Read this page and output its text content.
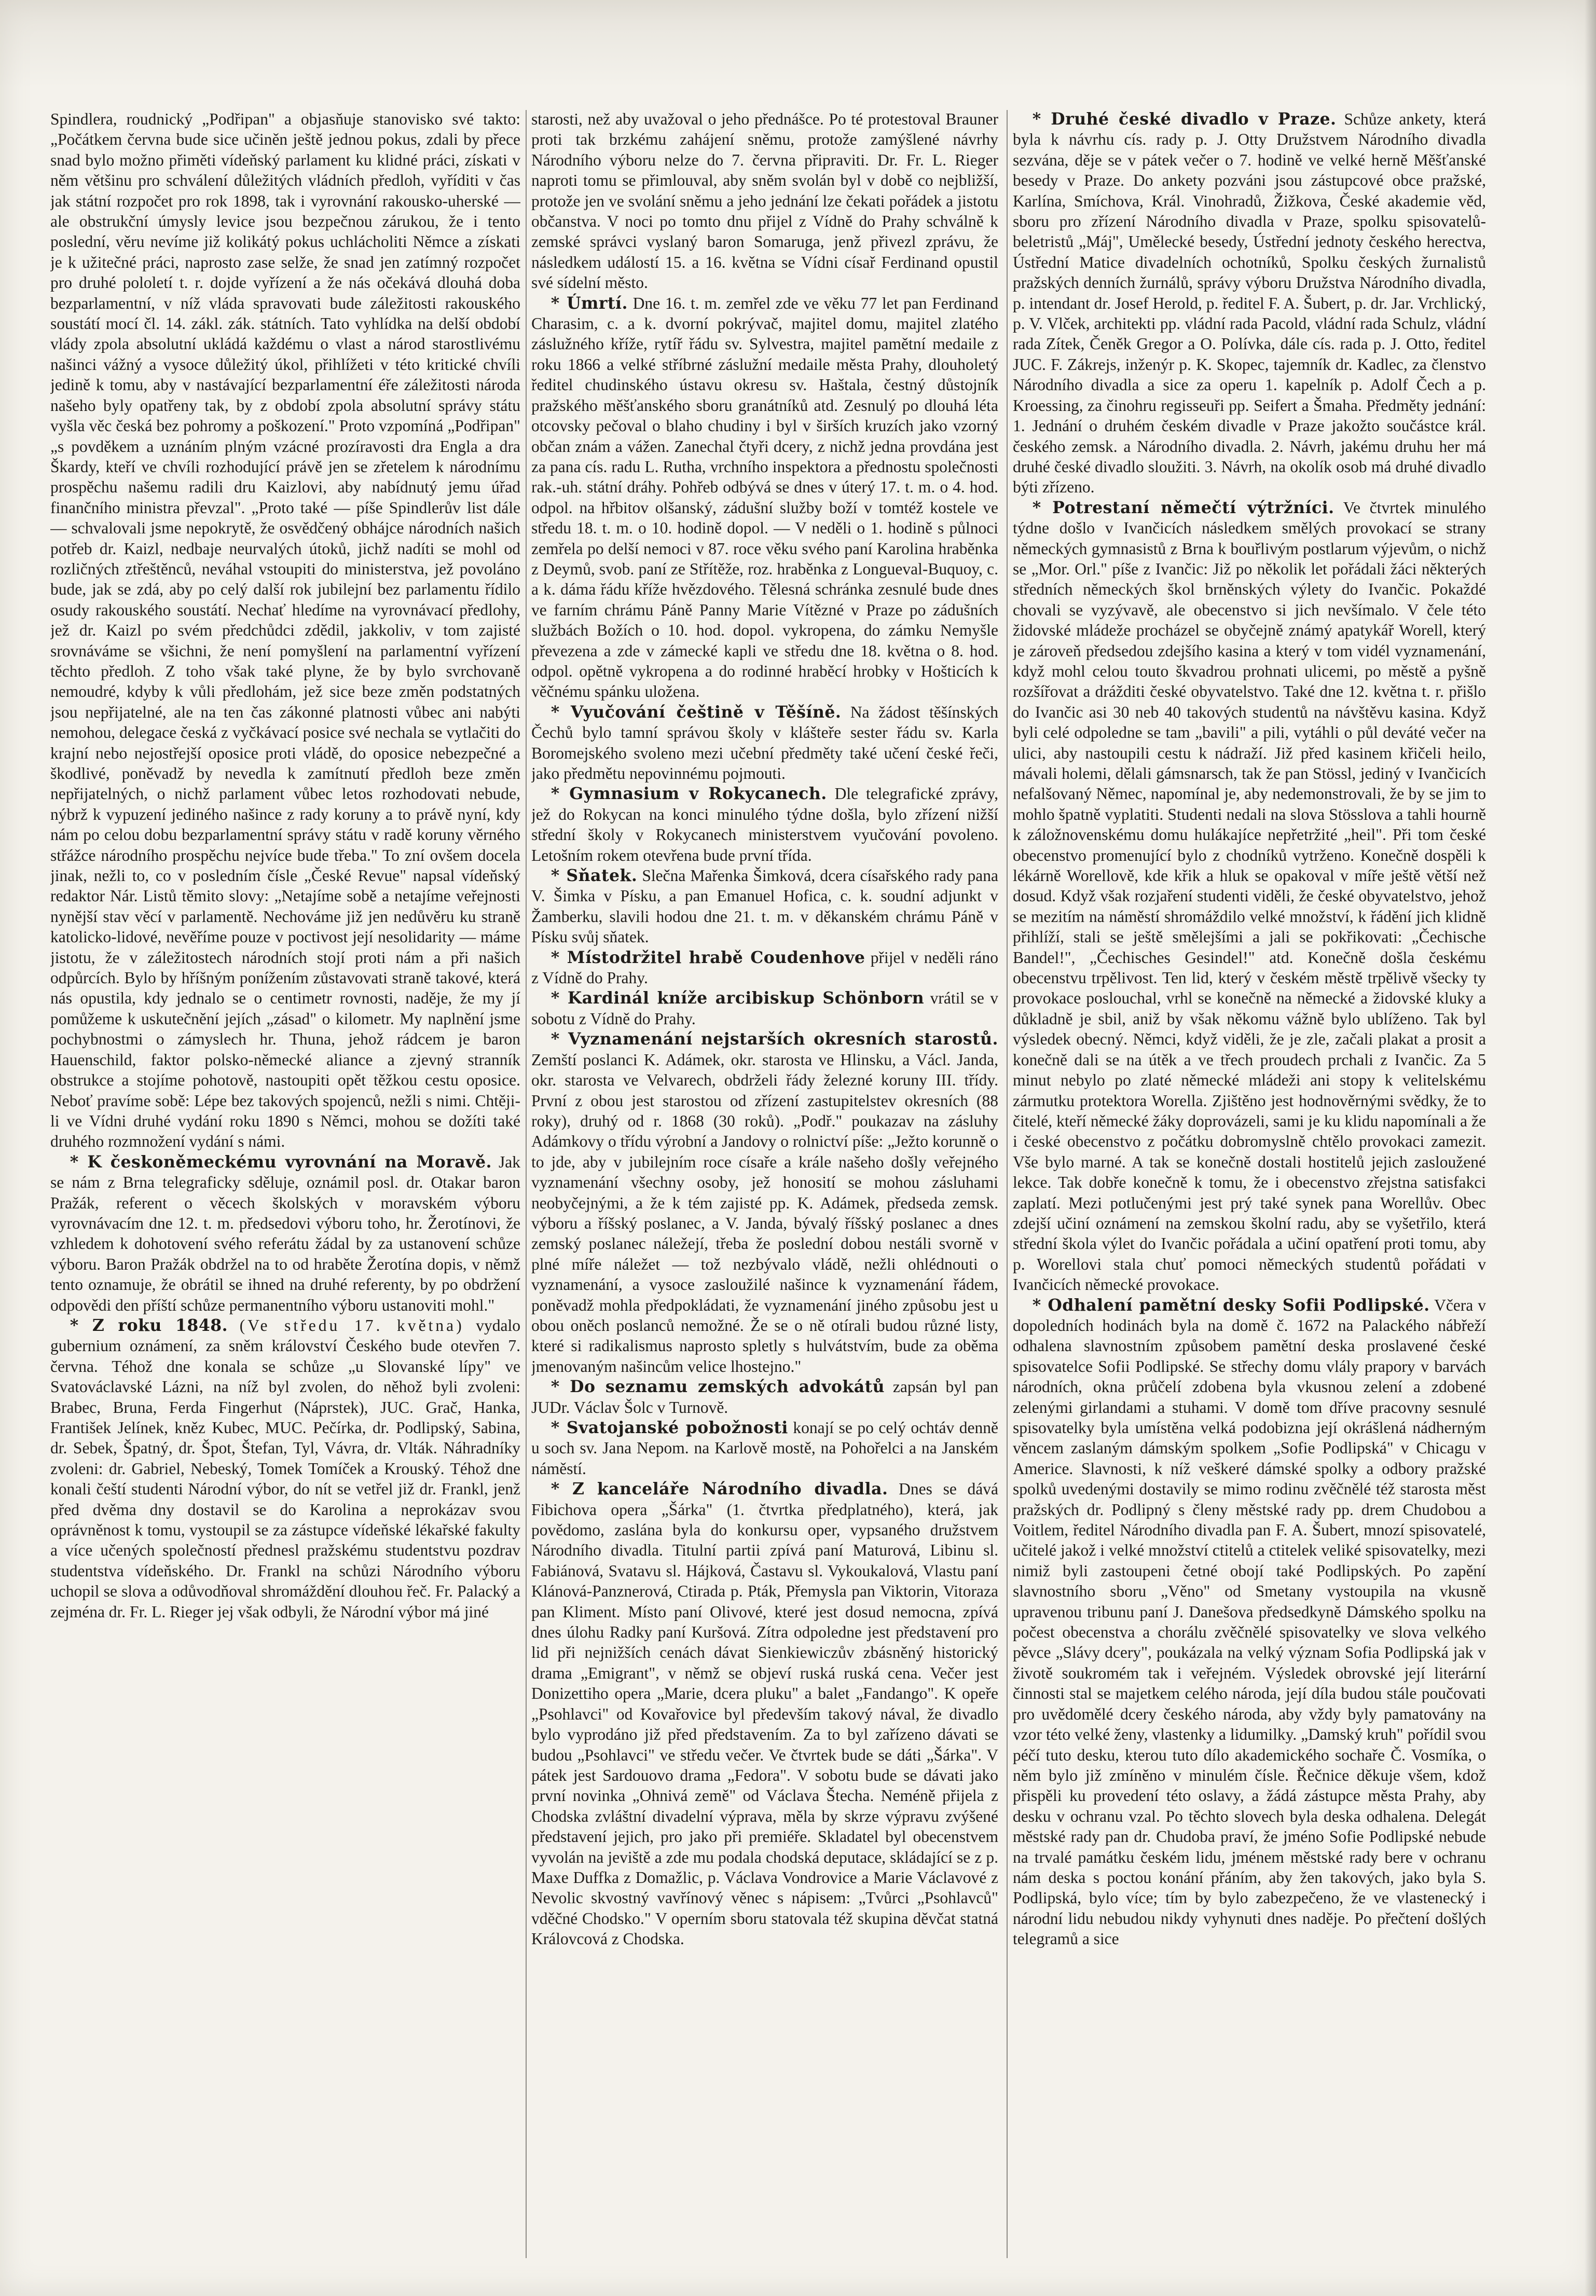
Spindlera, roudnický „Podřipan" a objasňuje stanovisko své takto: „Počátkem června bude sice učiněn ještě jednou pokus, zdali by přece snad bylo možno přiměti vídeňský parlament ku klidné práci, získati v něm většinu pro schválení důležitých vládních předloh, vyříditi v čas jak státní rozpočet pro rok 1898, tak i vyrovnání rakousko-uherské — ale obstrukční úmysly levice jsou bezpečnou zárukou, že i tento poslední, věru nevíme již kolikátý pokus uchlácholiti Němce a získati je k užitečné práci, naprosto zase selže, že snad jen zatímný rozpočet pro druhé pololetí t. r. dojde vyřízení a že nás očekává dlouhá doba bezparlamentní, v níž vláda spravovati bude záležitosti rakouského soustátí mocí čl. 14. zákl. zák. státních. Tato vyhlídka na delší období vlády zpola absolutní ukládá každému o vlast a národ starostlivému našinci vážný a vysoce důležitý úkol, přihlížeti v této kritické chvíli jedině k tomu, aby v nastávající bezparlamentní éře záležitosti národa našeho byly opatřeny tak, by z období zpola absolutní správy státu vyšla věc česká bez pohromy a poškození." Proto vzpomíná „Podřipan" „s povděkem a uznáním plným vzácné prozíravosti dra Engla a dra Škardy, kteří ve chvíli rozhodující právě jen se zřetelem k národnímu prospěchu našemu radili dru Kaizlovi, aby nabídnutý jemu úřad finančního ministra převzal". „Proto také — píše Spindlerův list dále — schvalovali jsme nepokrytě, že osvědčený obhájce národních našich potřeb dr. Kaizl, nedbaje neurvalých útoků, jichž nadíti se mohl od rozličných ztřeštěnců, neváhal vstoupiti do ministerstva, jež povoláno bude, jak se zdá, aby po celý další rok jubilejní bez parlamentu řídilo osudy rakouského soustátí. Nechať hledíme na vyrovnávací předlohy, jež dr. Kaizl po svém předchůdci zdědil, jakkoliv, v tom zajisté srovnáváme se všichni, že není pomyšlení na parlamentní vyřízení těchto předloh. Z toho však také plyne, že by bylo svrchovaně nemoudré, kdyby k vůli předlohám, jež sice beze změn podstatných jsou nepřijatelné, ale na ten čas zákonné platnosti vůbec ani nabýti nemohou, delegace česká z vyčkávací posice své nechala se vytlačiti do krajní nebo nejostřejší oposice proti vládě, do oposice nebezpečné a škodlivé, poněvadž by nevedla k zamítnutí předloh beze změn nepřijatelných, o nichž parlament vůbec letos rozhodovati nebude, nýbrž k vypuzení jediného našince z rady koruny a to právě nyní, kdy nám po celou dobu bezparlamentní správy státu v radě koruny věrného střážce národního prospěchu nejvíce bude třeba." To zní ovšem docela jinak, nežli to, co v posledním čísle „České Revue" napsal vídeňský redaktor Nár. Listů těmito slovy: „Netajíme sobě a netajíme veřejnosti nynější stav věcí v parlamentě. Nechováme již jen nedůvěru ku straně katolicko-lidové, nevěříme pouze v poctivost její nesolidarity — máme jistotu, že v záležitostech národních stojí proti nám a při našich odpůrcích. Bylo by hříšným ponížením zůstavovati straně takové, která nás opustila, kdy jednalo se o centimetr rovnosti, naděje, že my jí pomůžeme k uskutečnění jejích „zásad" o kilometr. My naplnění jsme pochybnostmi o zámyslech hr. Thuna, jehož rádcem je baron Hauenschild, faktor polsko-německé aliance a zjevný stranník obstrukce a stojíme pohotově, nastoupiti opět těžkou cestu oposice. Neboť pravíme sobě: Lépe bez takových spojenců, nežli s nimi. Chtěji-li ve Vídni druhé vydání roku 1890 s Němci, mohou se dožíti také druhého rozmnožení vydání s námi.

* K českoněmeckému vyrovnání na Moravě. Jak se nám z Brna telegraficky sděluje, oznámil posl. dr. Otakar baron Pražák, referent o věcech školských v moravském výboru vyrovnávacím dne 12. t. m. předsedovi výboru toho, hr. Žerotínovi, že vzhledem k dohotovení svého referátu žádal by za ustanovení schůze výboru. Baron Pražák obdržel na to od hraběte Žerotína dopis, v němž tento oznamuje, že obrátil se ihned na druhé referenty, by po obdržení odpovědi den příští schůze permanentního výboru ustanoviti mohl."

* Z roku 1848. (Ve středu 17. května) vydalo gubernium oznámení, za sněm království Českého bude otevřen 7. června. Téhož dne konala se schůze „u Slovanské lípy" ve Svatováclavské Lázni, na níž byl zvolen, do něhož byli zvoleni: Brabec, Bruna, Ferda Fingerhut (Náprstek), JUC. Grač, Hanka, František Jelínek, kněz Kubec, MUC. Pečírka, dr. Podlipský, Sabina, dr. Sebek, Špatný, dr. Špot, Štefan, Tyl, Vávra, dr. Vlták. Náhradníky zvoleni: dr. Gabriel, Nebeský, Tomek Tomíček a Krouský. Téhož dne konali čeští studenti Národní výbor, do nít se vetřel již dr. Frankl, jenž před dvěma dny dostavil se do Karolina a neprokázav svou oprávněnost k tomu, vystoupil se za zástupce vídeňské lékařské fakulty a více učených společností přednesl pražskému studentstvu pozdrav studentstva vídeňského. Dr. Frankl na schůzi Národního výboru uchopil se slova a odůvodňoval shromáždění dlouhou řeč. Fr. Palacký a zejména dr. Fr. L. Rieger jej však odbyli, že Národní výbor má jiné

starosti, než aby uvažoval o jeho přednášce. Po té protestoval Brauner proti tak brzkému zahájení sněmu, protože zamýšlené návrhy Národního výboru nelze do 7. června připraviti. Dr. Fr. L. Rieger naproti tomu se přimlouval, aby sněm svolán byl v době co nejbližší, protože jen ve svolání sněmu a jeho jednání lze čekati pořádek a jistotu občanstva. V noci po tomto dnu přijel z Vídně do Prahy schválně k zemské správci vyslaný baron Somaruga, jenž přivezl zprávu, že následkem událostí 15. a 16. května se Vídni císař Ferdinand opustil své sídelní město.

* Úmrtí. Dne 16. t. m. zemřel zde ve věku 77 let pan Ferdinand Charasim, c. a k. dvorní pokrývač, majitel domu, majitel zlatého záslužného kříže, rytíř řádu sv. Sylvestra, majitel pamětní medaile z roku 1866 a velké stříbrné záslužní medaile města Prahy, dlouholetý ředitel chudinského ústavu okresu sv. Haštala, čestný důstojník pražského měšťanského sboru granátníků atd. Zesnulý po dlouhá léta otcovsky pečoval o blaho chudiny i byl v širších kruzích jako vzorný občan znám a vážen. Zanechal čtyři dcery, z nichž jedna provdána jest za pana cís. radu L. Rutha, vrchního inspektora a přednostu společnosti rak.-uh. státní dráhy. Pohřeb odbývá se dnes v úterý 17. t. m. o 4. hod. odpol. na hřbitov olšanský, zádušní služby boží v tomtéž kostele ve středu 18. t. m. o 10. hodině dopol. — V neděli o 1. hodině s půlnoci zemřela po delší nemoci v 87. roce věku svého paní Karolina hraběnka z Deymů, svob. paní ze Střítěže, roz. hraběnka z Longueval-Buquoy, c. a k. dáma řádu kříže hvězdového. Tělesná schránka zesnulé bude dnes ve farním chrámu Páně Panny Marie Vítězné v Praze po zádušních službách Božích o 10. hod. dopol. vykropena, do zámku Nemyšle převezena a zde v zámecké kapli ve středu dne 18. května o 8. hod. odpol. opětně vykropena a do rodinné hraběcí hrobky v Hošticích k věčnému spánku uložena.

* Vyučování češtině v Těšíně. Na žádost těšínských Čechů bylo tamní správou školy v klášteře sester řádu sv. Karla Boromejského svoleno mezi učební předměty také učení české řeči, jako předmětu nepovinnému pojmouti.

* Gymnasium v Rokycanech. Dle telegrafické zprávy, jež do Rokycan na konci minulého týdne došla, bylo zřízení nižší střední školy v Rokycanech ministerstvem vyučování povoleno. Letošním rokem otevřena bude první třída.

* Sňatek. Slečna Mařenka Šimková, dcera císařského rady pana V. Šimka v Písku, a pan Emanuel Hofica, c. k. soudní adjunkt v Žamberku, slavili hodou dne 21. t. m. v děkanském chrámu Páně v Písku svůj sňatek.

* Místodržitel hrabě Coudenhove přijel v neděli ráno z Vídně do Prahy.

* Kardinál kníže arcibiskup Schönborn vrátil se v sobotu z Vídně do Prahy.

* Vyznamenání nejstarších okresních starostů. Zemští poslanci K. Adámek, okr. starosta ve Hlinsku, a Václ. Janda, okr. starosta ve Velvarech, obdrželi řády železné koruny III. třídy. První z obou jest starostou od zřízení zastupitelstev okresních (88 roky), druhý od r. 1868 (30 roků). „Podř." poukazav na zásluhy Adámkovy o třídu výrobní a Jandovy o rolnictví píše: „Ježto korunně o to jde, aby v jubilejním roce císaře a krále našeho došly veřejného vyznamenání všechny osoby, jež honosití se mohou zásluhami neobyčejnými, a že k tém zajisté pp. K. Adámek, předseda zemsk. výboru a říšský poslanec, a V. Janda, bývalý říšský poslanec a dnes zemský poslanec náležejí, třeba že poslední dobou nestáli svorně v plné míře náležet — tož nezbývalo vládě, nežli ohlédnouti o vyznamenání, a vysoce zasloužilé našince k vyznamenání řádem, poněvadž mohla předpokládati, že vyznamenání jiného způsobu jest u obou oněch poslanců nemožné. Že se o ně otírali budou různé listy, které si radikalismus naprosto spletly s hulvátstvím, bude za oběma jmenovaným našincům velice lhostejno."

* Do seznamu zemských advokátů zapsán byl pan JUDr. Václav Šolc v Turnově.

* Svatojanské pobožnosti konají se po celý ochtáv denně u soch sv. Jana Nepom. na Karlově mostě, na Pohořelci a na Janském náměstí.

* Z kanceláře Národního divadla. Dnes se dává Fibichova opera „Šárka" (1. čtvrtka předplatného), která, jak povědomo, zaslána byla do konkursu oper, vypsaného družstvem Národního divadla. Titulní partii zpívá paní Maturová, Libinu sl. Fabiánová, Svatavu sl. Hájková, Častavu sl. Vykoukalová, Vlastu paní Klánová-Panznerová, Ctirada p. Pták, Přemysla pan Viktorin, Vitoraza pan Kliment. Místo paní Olivové, které jest dosud nemocna, zpívá dnes úlohu Radky paní Kuršová. Zítra odpoledne jest představení pro lid při nejnižších cenách dávat Sienkiewiczův zbásněný historický drama „Emigrant", v němž se objeví ruská ruská cena. Večer jest Donizettiho opera „Marie, dcera pluku" a balet „Fandango". K opeře „Psohlavci" od Kovařovice byl především takový nával, že divadlo bylo vyprodáno již před představením. Za to byl zařízeno dávati se budou „Psohlavci" ve středu večer. Ve čtvrtek bude se dáti „Šárka". V pátek jest Sardouovo drama „Fedora". V sobotu bude se dávati jako první novinka „Ohnivá země" od Václava Štecha. Neméně přijela z Chodska zvláštní divadelní výprava, měla by skrze výpravu zvýšené představení jejich, pro jako při premiéře. Skladatel byl obecenstvem vyvolán na jeviště a zde mu podala chodská deputace, skládající se z p. Maxe Duffka z Domažlic, p. Václava Vondrovice a Marie Václavové z Nevolic skvostný vavřínový věnec s nápisem: „Tvůrci „Psohlavců" vděčné Chodsko." V operním sboru statovala též skupina děvčat statná Královcová z Chodska.

* Druhé české divadlo v Praze. Schůze ankety, která byla k návrhu cís. rady p. J. Otty Družstvem Národního divadla sezvána, děje se v pátek večer o 7. hodině ve velké herně Měšťanské besedy v Praze. Do ankety pozváni jsou zástupcové obce pražské, Karlína, Smíchova, Král. Vinohradů, Žižkova, České akademie věd, sboru pro zřízení Národního divadla v Praze, spolku spisovatelů-beletristů „Máj", Umělecké besedy, Ústřední jednoty českého herectva, Ústřední Matice divadelních ochotníků, Spolku českých žurnalistů pražských denních žurnálů, správy výboru Družstva Národního divadla, p. intendant dr. Josef Herold, p. ředitel F. A. Šubert, p. dr. Jar. Vrchlický, p. V. Vlček, architekti pp. vládní rada Pacold, vládní rada Schulz, vládní rada Zítek, Čeněk Gregor a O. Polívka, dále cís. rada p. J. Otto, ředitel JUC. F. Zákrejs, inženýr p. K. Skopec, tajemník dr. Kadlec, za členstvo Národního divadla a sice za operu 1. kapelník p. Adolf Čech a p. Kroessing, za činohru regisseuři pp. Seifert a Šmaha. Předměty jednání: 1. Jednání o druhém českém divadle v Praze jakožto součástce král. českého zemsk. a Národního divadla. 2. Návrh, jakému druhu her má druhé české divadlo sloužiti. 3. Návrh, na okolík osob má druhé divadlo býti zřízeno.

* Potrestaní němečtí výtržníci. Ve čtvrtek minulého týdne došlo v Ivančicích následkem smělých provokací se strany německých gymnasistů z Brna k bouřlivým postlarum výjevům, o nichž se „Mor. Orl." píše z Ivančic: Již po několik let pořádali žáci některých středních německých škol brněnských výlety do Ivančic. Pokaždé chovali se vyzývavě, ale obecenstvo si jich nevšímalo. V čele této židovské mládeže procházel se obyčejně známý apatykář Worell, který je zároveň předsedou zdejšího kasina a který v tom vidél vyznamenání, když mohl celou touto škvadrou prohnati ulicemi, po městě a pyšně rozšířovat a drážditi české obyvatelstvo. Také dne 12. května t. r. přišlo do Ivančic asi 30 neb 40 takových studentů na návštěvu kasina. Když byli celé odpoledne se tam „bavili" a pili, vytáhli o půl deváté večer na ulici, aby nastoupili cestu k nádraží. Již před kasinem křičeli heilo, mávali holemi, dělali gámsnarsch, tak že pan Stössl, jediný v Ivančicích nefalšovaný Němec, napomínal je, aby nedemonstrovali, že by se jim to mohlo špatně vyplatiti. Studenti nedali na slova Stösslova a tahli hourně k záložnovenskému domu hulákajíce nepřetržité „heil". Při tom české obecenstvo promenující bylo z chodníků vytrženo. Konečně dospěli k lékárně Worellově, kde křik a hluk se opakoval v míře ještě větší než dosud. Když však rozjaření studenti viděli, že české obyvatelstvo, jehož se mezitím na náměstí shromáždilo velké množství, k řádění jich klidně přihlíží, stali se ještě smělejšími a jali se pokřikovati: „Čechische Bandel!", „Čechisches Gesindel!" atd. Konečně došla českému obecenstvu trpělivost. Ten lid, který v českém městě trpělivě všecky ty provokace poslouchal, vrhl se konečně na německé a židovské kluky a důkladně je sbil, aniž by však někomu vážně bylo ublíženo. Tak byl výsledek obecný. Němci, když viděli, že je zle, začali plakat a prosit a konečně dali se na útěk a ve třech proudech prchali z Ivančic. Za 5 minut nebylo po zlaté německé mládeži ani stopy k velitelskému zármutku protektora Worella. Zjištěno jest hodnověrnými svědky, že to čitelé, kteří německé žáky doprovázeli, sami je ku klidu napomínali a že i české obecenstvo z počátku dobromyslně chtělo provokaci zamezit. Vše bylo marné. A tak se konečně dostali hostitelů jejich zasloužené lekce. Tak dobře konečně k tomu, že i obecenstvo zřejstna satisfakci zaplatí. Mezi potlučenými jest prý také synek pana Worellův. Obec zdejší učiní oznámení na zemskou školní radu, aby se vyšetřilo, která střední škola výlet do Ivančic pořádala a učiní opatření proti tomu, aby p. Worellovi stala chuť pomoci německých studentů pořádati v Ivančicích německé provokace.

* Odhalení pamětní desky Sofii Podlipské. Včera v dopoledních hodinách byla na domě č. 1672 na Palackého nábřeží odhalena slavnostním způsobem pamětní deska proslavené české spisovatelce Sofii Podlipské. Se střechy domu vlály prapory v barvách národních, okna průčelí zdobena byla vkusnou zelení a zdobené zelenými girlandami a stuhami. V domě tom dříve pracovny sesnulé spisovatelky byla umístěna velká podobizna její okrášlená nádherným věncem zaslaným dámským spolkem „Sofie Podlipská" v Chicagu v Americe. Slavnosti, k níž veškeré dámské spolky a odbory pražské spolků uvedenými dostavily se mimo rodinu zvěčnělé též starosta měst pražských dr. Podlipný s členy městské rady pp. drem Chudobou a Voitlem, ředitel Národního divadla pan F. A. Šubert, mnozí spisovatelé, učitelé jakož i velké množství ctitelů a ctitelek veliké spisovatelky, mezi nimiž byli zastoupeni četné obojí také Podlipských. Po zapění slavnostního sboru „Věno" od Smetany vystoupila na vkusně upravenou tribunu paní J. Danešova předsedkyně Dámského spolku na počest obecenstva a chorálu zvěčnělé spisovatelky ve slova velkého pěvce „Slávy dcery", poukázala na velký význam Sofia Podlipská jak v životě soukromém tak i veřejném. Výsledek obrovské její literární činnosti stal se majetkem celého národa, její díla budou stále poučovati pro uvědomělé dcery českého národa, aby vždy byly pamatovány na vzor této velké ženy, vlastenky a lidumilky. „Damský kruh" pořídil svou péčí tuto desku, kterou tuto dílo akademického sochaře Č. Vosmíka, o něm bylo již zmíněno v minulém čísle. Řečnice děkuje všem, kdož přispěli ku provedení této oslavy, a žádá zástupce města Prahy, aby desku v ochranu vzal. Po těchto slovech byla deska odhalena. Delegát městské rady pan dr. Chudoba praví, že jméno Sofie Podlipské nebude na trvalé památku českém lidu, jménem městské rady bere v ochranu nám deska s poctou konání přáním, aby žen takových, jako byla S. Podlipská, bylo více; tím by bylo zabezpečeno, že ve vlastenecký i národní lidu nebudou nikdy vyhynuti dnes naděje. Po přečtení došlých telegramů a sice
